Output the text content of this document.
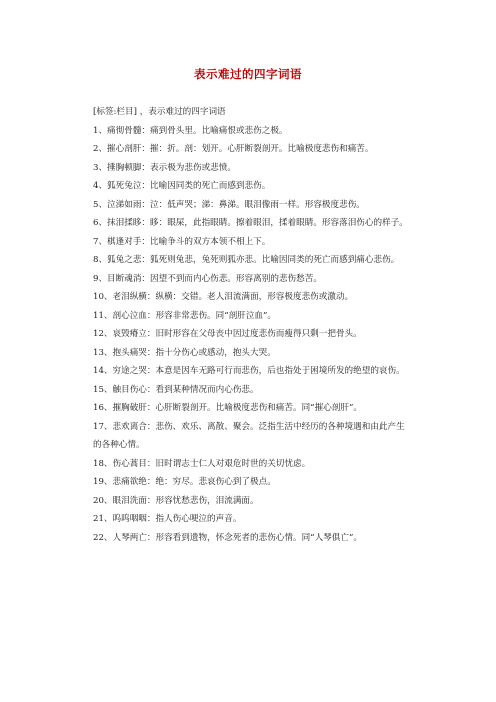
表示难过的四字词语

[标签:栏目] ，表示难过的四字词语

1、痛彻骨髓：痛到骨头里。比喻痛恨或悲伤之极。

2、摧心剖肝：摧：折。剖：划开。心肝断裂剖开。比喻极度悲伤和痛苦。

3、捶胸顿脚：表示极为悲伤或悲愤。

4、狐死兔泣：比喻因同类的死亡而感到悲伤。

5、泣涕如雨：泣：低声哭；涕：鼻涕。眼泪像雨一样。形容极度悲伤。

6、抹泪揉眵：眵：眼屎，此指眼睛。擦着眼泪，揉着眼睛。形容落泪伤心的样子。

7、棋逢对手：比喻争斗的双方本领不相上下。

8、狐兔之悲：狐死则兔悲，兔死则狐亦悲。比喻因同类的死亡而感到痛心悲伤。

9、目断魂消：因望不到而内心伤悲。形容离别的悲伤愁苦。

10、老泪纵横：纵横：交错。老人泪流满面，形容极度悲伤或激动。

11、剖心泣血：形容非常悲伤。同“剖肝泣血”。

12、哀毁瘠立：旧时形容在父母丧中因过度悲伤而瘦得只剩一把骨头。

13、抱头痛哭：指十分伤心或感动，抱头大哭。

14、穷途之哭：本意是因车无路可行而悲伤，后也指处于困境所发的绝望的哀伤。

15、触目伤心：看到某种情况而内心伤悲。

16、摧胸破肝：心肝断裂剖开。比喻极度悲伤和痛苦。同“摧心剖肝”。

17、悲欢离合：悲伤、欢乐、离散、聚会。泛指生活中经历的各种境遇和由此产生的各种心情。

18、伤心蒿目：旧时谓志士仁人对艰危时世的关切忧虑。

19、悲痛欲绝：绝：穷尽。悲哀伤心到了极点。

20、眼泪洗面：形容忧愁悲伤，泪流满面。

21、呜呜咽咽：指人伤心哽泣的声音。

22、人琴两亡：形容看到遗物，怀念死者的悲伤心情。同“人琴俱亡”。
